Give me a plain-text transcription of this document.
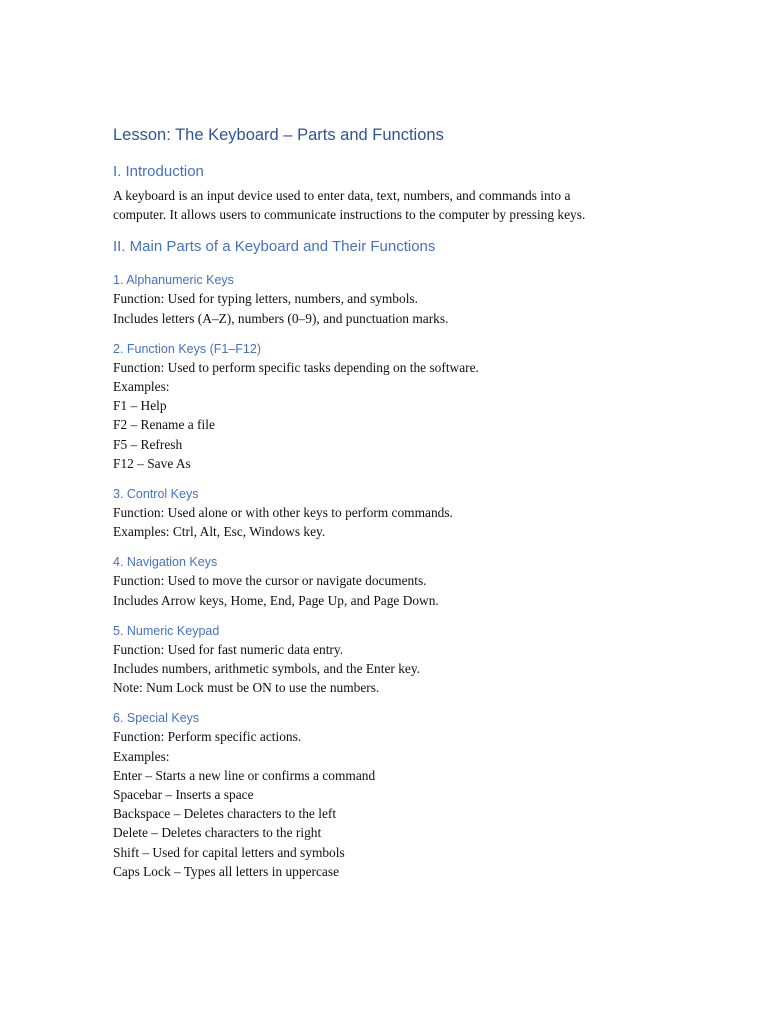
Lesson: The Keyboard – Parts and Functions
I. Introduction

A keyboard is an input device used to enter data, text, numbers, and commands into a

computer. It allows users to communicate instructions to the computer by pressing keys.

II. Main Parts of a Keyboard and Their Functions
1. Alphanumeric Keys

Function: Used for typing letters, numbers, and symbols.

Includes letters (A–Z), numbers (0–9), and punctuation marks.

2. Function Keys (F1–F12)

Function: Used to perform specific tasks depending on the software.

Examples:

F1 – Help

F2 – Rename a file

F5 – Refresh

F12 – Save As

3. Control Keys

Function: Used alone or with other keys to perform commands.

Examples: Ctrl, Alt, Esc, Windows key.

4. Navigation Keys

Function: Used to move the cursor or navigate documents.

Includes Arrow keys, Home, End, Page Up, and Page Down.

5. Numeric Keypad

Function: Used for fast numeric data entry.

Includes numbers, arithmetic symbols, and the Enter key.

Note: Num Lock must be ON to use the numbers.

6. Special Keys

Function: Perform specific actions.

Examples:

Enter – Starts a new line or confirms a command

Spacebar – Inserts a space

Backspace – Deletes characters to the left

Delete – Deletes characters to the right

Shift – Used for capital letters and symbols

Caps Lock – Types all letters in uppercase
